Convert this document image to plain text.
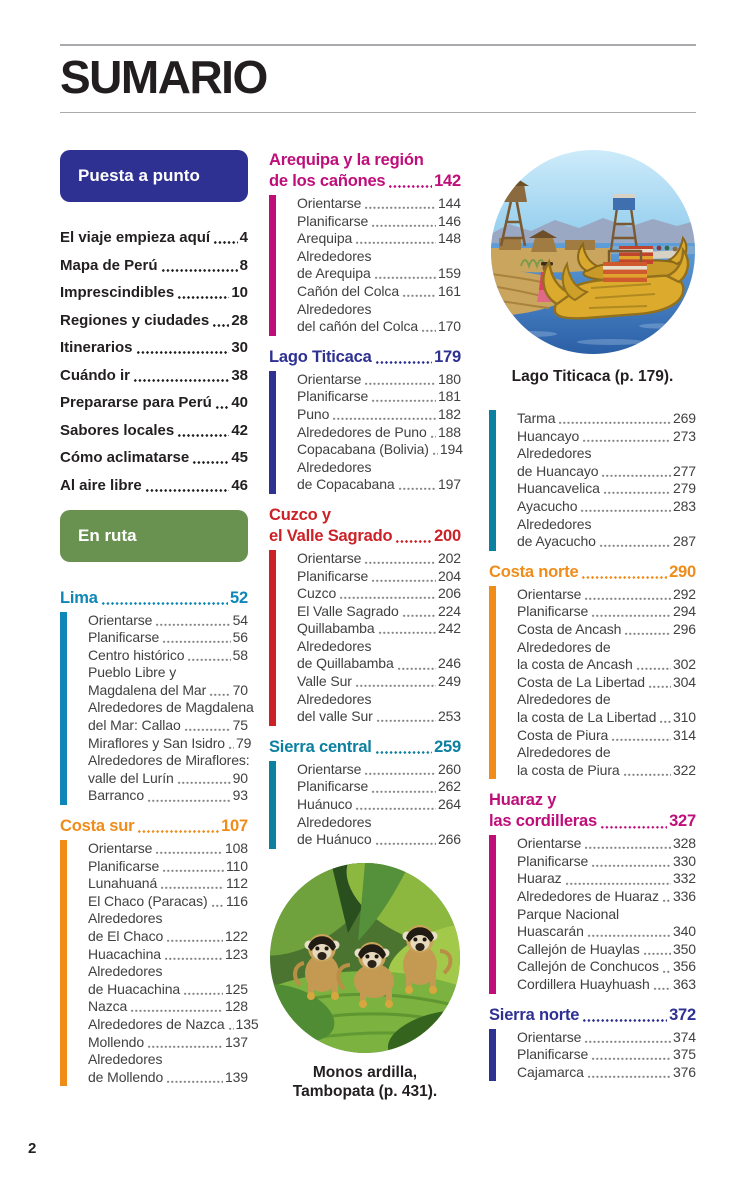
SUMARIO
Puesta a punto
El viaje empieza aquí 4
Mapa de Perú	8
Imprescindibles	10
Regiones y ciudades 28
Itinerarios	30
Cuándo ir	38
Prepararse para Perú 40
Sabores locales	42
Cómo aclimatarse	45
Al aire libre	46
En ruta
Lima	52
Orientarse	54
Planificarse	56
Centro histórico	58
Pueblo Libre y
Magdalena del Mar 70
Alrededores de Magdalena
del Mar: Callao	75
Miraflores y San Isidro 79
Alrededores de Miraflores:
valle del Lurín	90
Barranco	93
Costa sur	107
Orientarse	108
Planificarse	110
Lunahuaná	112
El Chaco (Paracas) 116
Alrededores
de El Chaco	122
Huacachina	123
Alrededores
de Huacachina	125
Nazca	128
Alrededores de Nazca 135
Mollendo	137
Alrededores
de Mollendo	139
Arequipa y la región
de los cañones	142
Orientarse	144
Planificarse	146
Arequipa	148
Alrededores
de Arequipa	159
Cañón del Colca	161
Alrededores
del cañón del Colca 170
Lago Titicaca	179
Orientarse	180
Planificarse	181
Puno	182
Alrededores de Puno 188
Copacabana (Bolivia) 194
Alrededores
de Copacabana	197
Cuzco y
el Valle Sagrado	200
Orientarse	202
Planificarse	204
Cuzco	206
El Valle Sagrado	224
Quillabamba	242
Alrededores
de Quillabamba	246
Valle Sur	249
Alrededores
del valle Sur	253
Sierra central	259
Orientarse	260
Planificarse	262
Huánuco	264
Alrededores
de Huánuco	266
Monos ardilla,
Tambopata (p. 431).
Lago Titicaca (p. 179).
Tarma	269
Huancayo	273
Alrededores
de Huancayo	277
Huancavelica	279
Ayacucho	283
Alrededores
de Ayacucho	287
Costa norte	290
Orientarse	292
Planificarse	294
Costa de Ancash	296
Alrededores de
la costa de Ancash	302
Costa de La Libertad 304
Alrededores de
la costa de La Libertad 310
Costa de Piura	314
Alrededores de
la costa de Piura	322
Huaraz y
las cordilleras	327
Orientarse	328
Planificarse	330
Huaraz	332
Alrededores de Huaraz 336
Parque Nacional
Huascarán	340
Callejón de Huaylas 350
Callejón de Conchucos 356
Cordillera Huayhuash 363
Sierra norte	372
Orientarse	374
Planificarse	375
Cajamarca	376
2
